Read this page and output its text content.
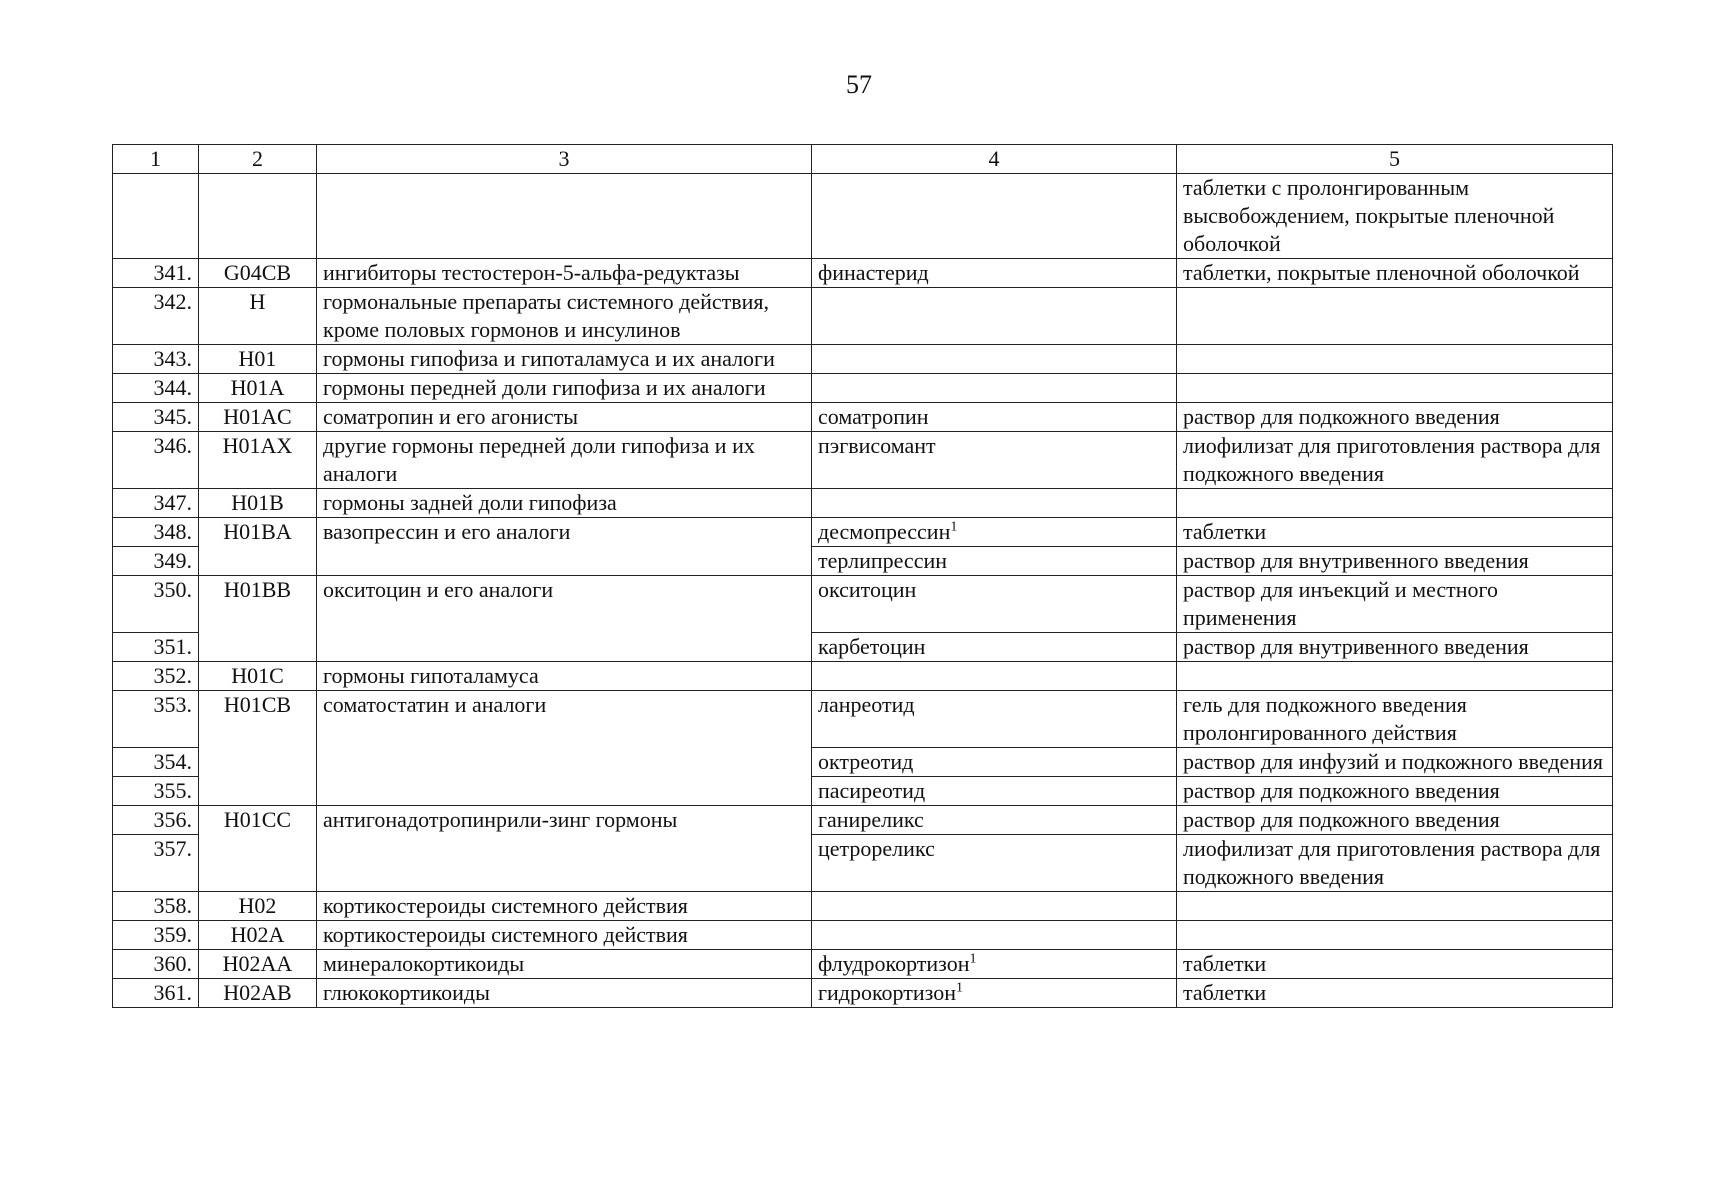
57
1	2	3	4	5
				таблетки с пролонгированным высвобождением, покрытые пленочной оболочкой
341.	G04CB	ингибиторы тестостерон-5-альфа-редуктазы	финастерид	таблетки, покрытые пленочной оболочкой
342.	H	гормональные препараты системного действия, кроме половых гормонов и инсулинов		
343.	H01	гормоны гипофиза и гипоталамуса и их аналоги		
344.	H01A	гормоны передней доли гипофиза и их аналоги		
345.	H01AC	соматропин и его агонисты	соматропин	раствор для подкожного введения
346.	H01AX	другие гормоны передней доли гипофиза и их аналоги	пэгвисомант	лиофилизат для приготовления раствора для подкожного введения
347.	H01B	гормоны задней доли гипофиза		
348.	H01BA	вазопрессин и его аналоги	десмопрессин$^1$	таблетки
349.			терлипрессин	раствор для внутривенного введения
350.	H01BB	окситоцин и его аналоги	окситоцин	раствор для инъекций и местного применения
351.			карбетоцин	раствор для внутривенного введения
352.	H01C	гормоны гипоталамуса		
353.	H01CB	соматостатин и аналоги	ланреотид	гель для подкожного введения пролонгированного действия
354.			октреотид	раствор для инфузий и подкожного введения
355.			пасиреотид	раствор для подкожного введения
356.	H01CC	антигонадотропинрили-зинг гормоны	ганиреликс	раствор для подкожного введения
357.			цетрореликс	лиофилизат для приготовления раствора для подкожного введения
358.	H02	кортикостероиды системного действия		
359.	H02A	кортикостероиды системного действия		
360.	H02AA	минералокортикоиды	флудрокортизон$^1$	таблетки
361.	H02AB	глюкокортикоиды	гидрокортизон$^1$	таблетки
